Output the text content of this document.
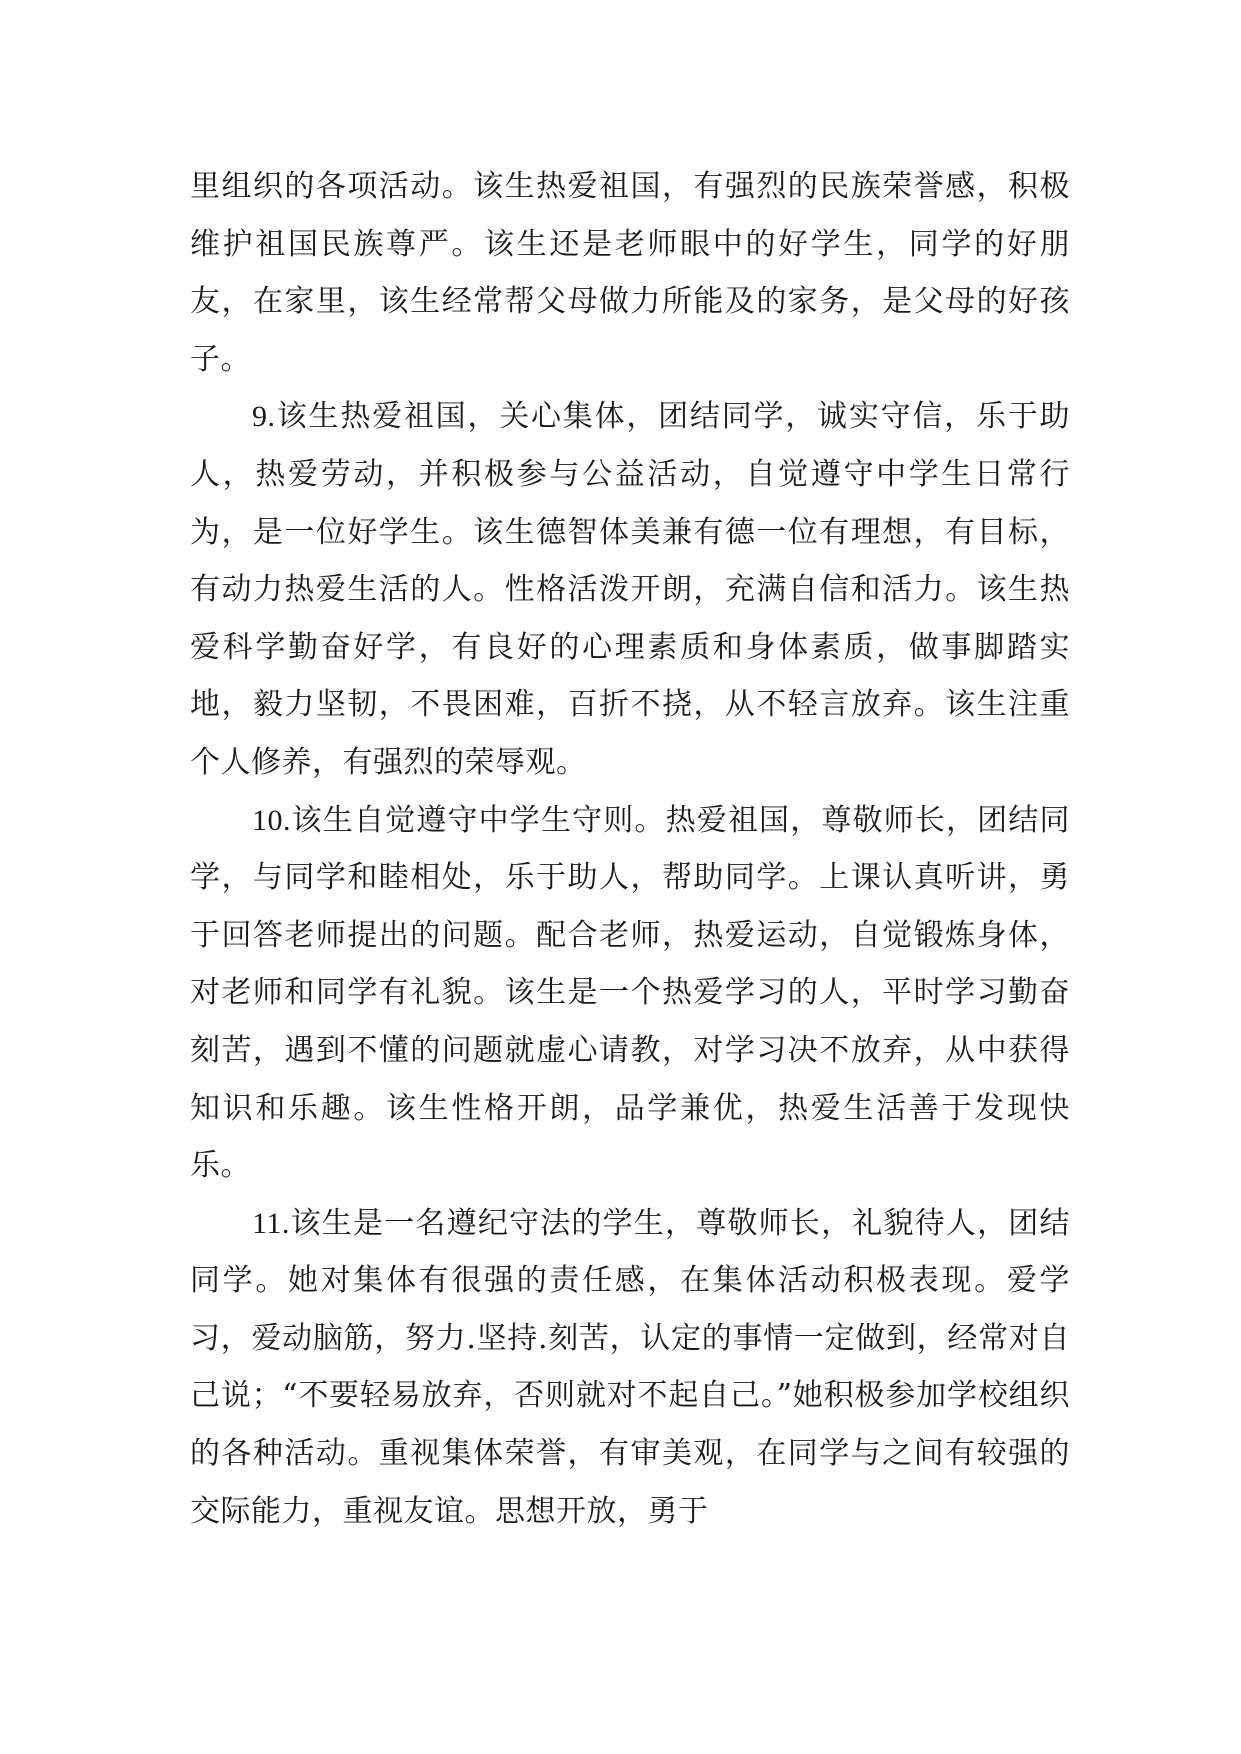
里组织的各项活动。该生热爱祖国，有强烈的民族荣誉感，积极维护祖国民族尊严。该生还是老师眼中的好学生，同学的好朋友，在家里，该生经常帮父母做力所能及的家务，是父母的好孩子。

9.该生热爱祖国，关心集体，团结同学，诚实守信，乐于助人，热爱劳动，并积极参与公益活动，自觉遵守中学生日常行为，是一位好学生。该生德智体美兼有德一位有理想，有目标，有动力热爱生活的人。性格活泼开朗，充满自信和活力。该生热爱科学勤奋好学，有良好的心理素质和身体素质，做事脚踏实地，毅力坚韧，不畏困难，百折不挠，从不轻言放弃。该生注重个人修养，有强烈的荣辱观。

10.该生自觉遵守中学生守则。热爱祖国，尊敬师长，团结同学，与同学和睦相处，乐于助人，帮助同学。上课认真听讲，勇于回答老师提出的问题。配合老师，热爱运动，自觉锻炼身体，对老师和同学有礼貌。该生是一个热爱学习的人，平时学习勤奋刻苦，遇到不懂的问题就虚心请教，对学习决不放弃，从中获得知识和乐趣。该生性格开朗，品学兼优，热爱生活善于发现快乐。

11.该生是一名遵纪守法的学生，尊敬师长，礼貌待人，团结同学。她对集体有很强的责任感，在集体活动积极表现。爱学习，爱动脑筋，努力.坚持.刻苦，认定的事情一定做到，经常对自己说；“不要轻易放弃，否则就对不起自己。”她积极参加学校组织的各种活动。重视集体荣誉，有审美观，在同学与之间有较强的交际能力，重视友谊。思想开放，勇于
